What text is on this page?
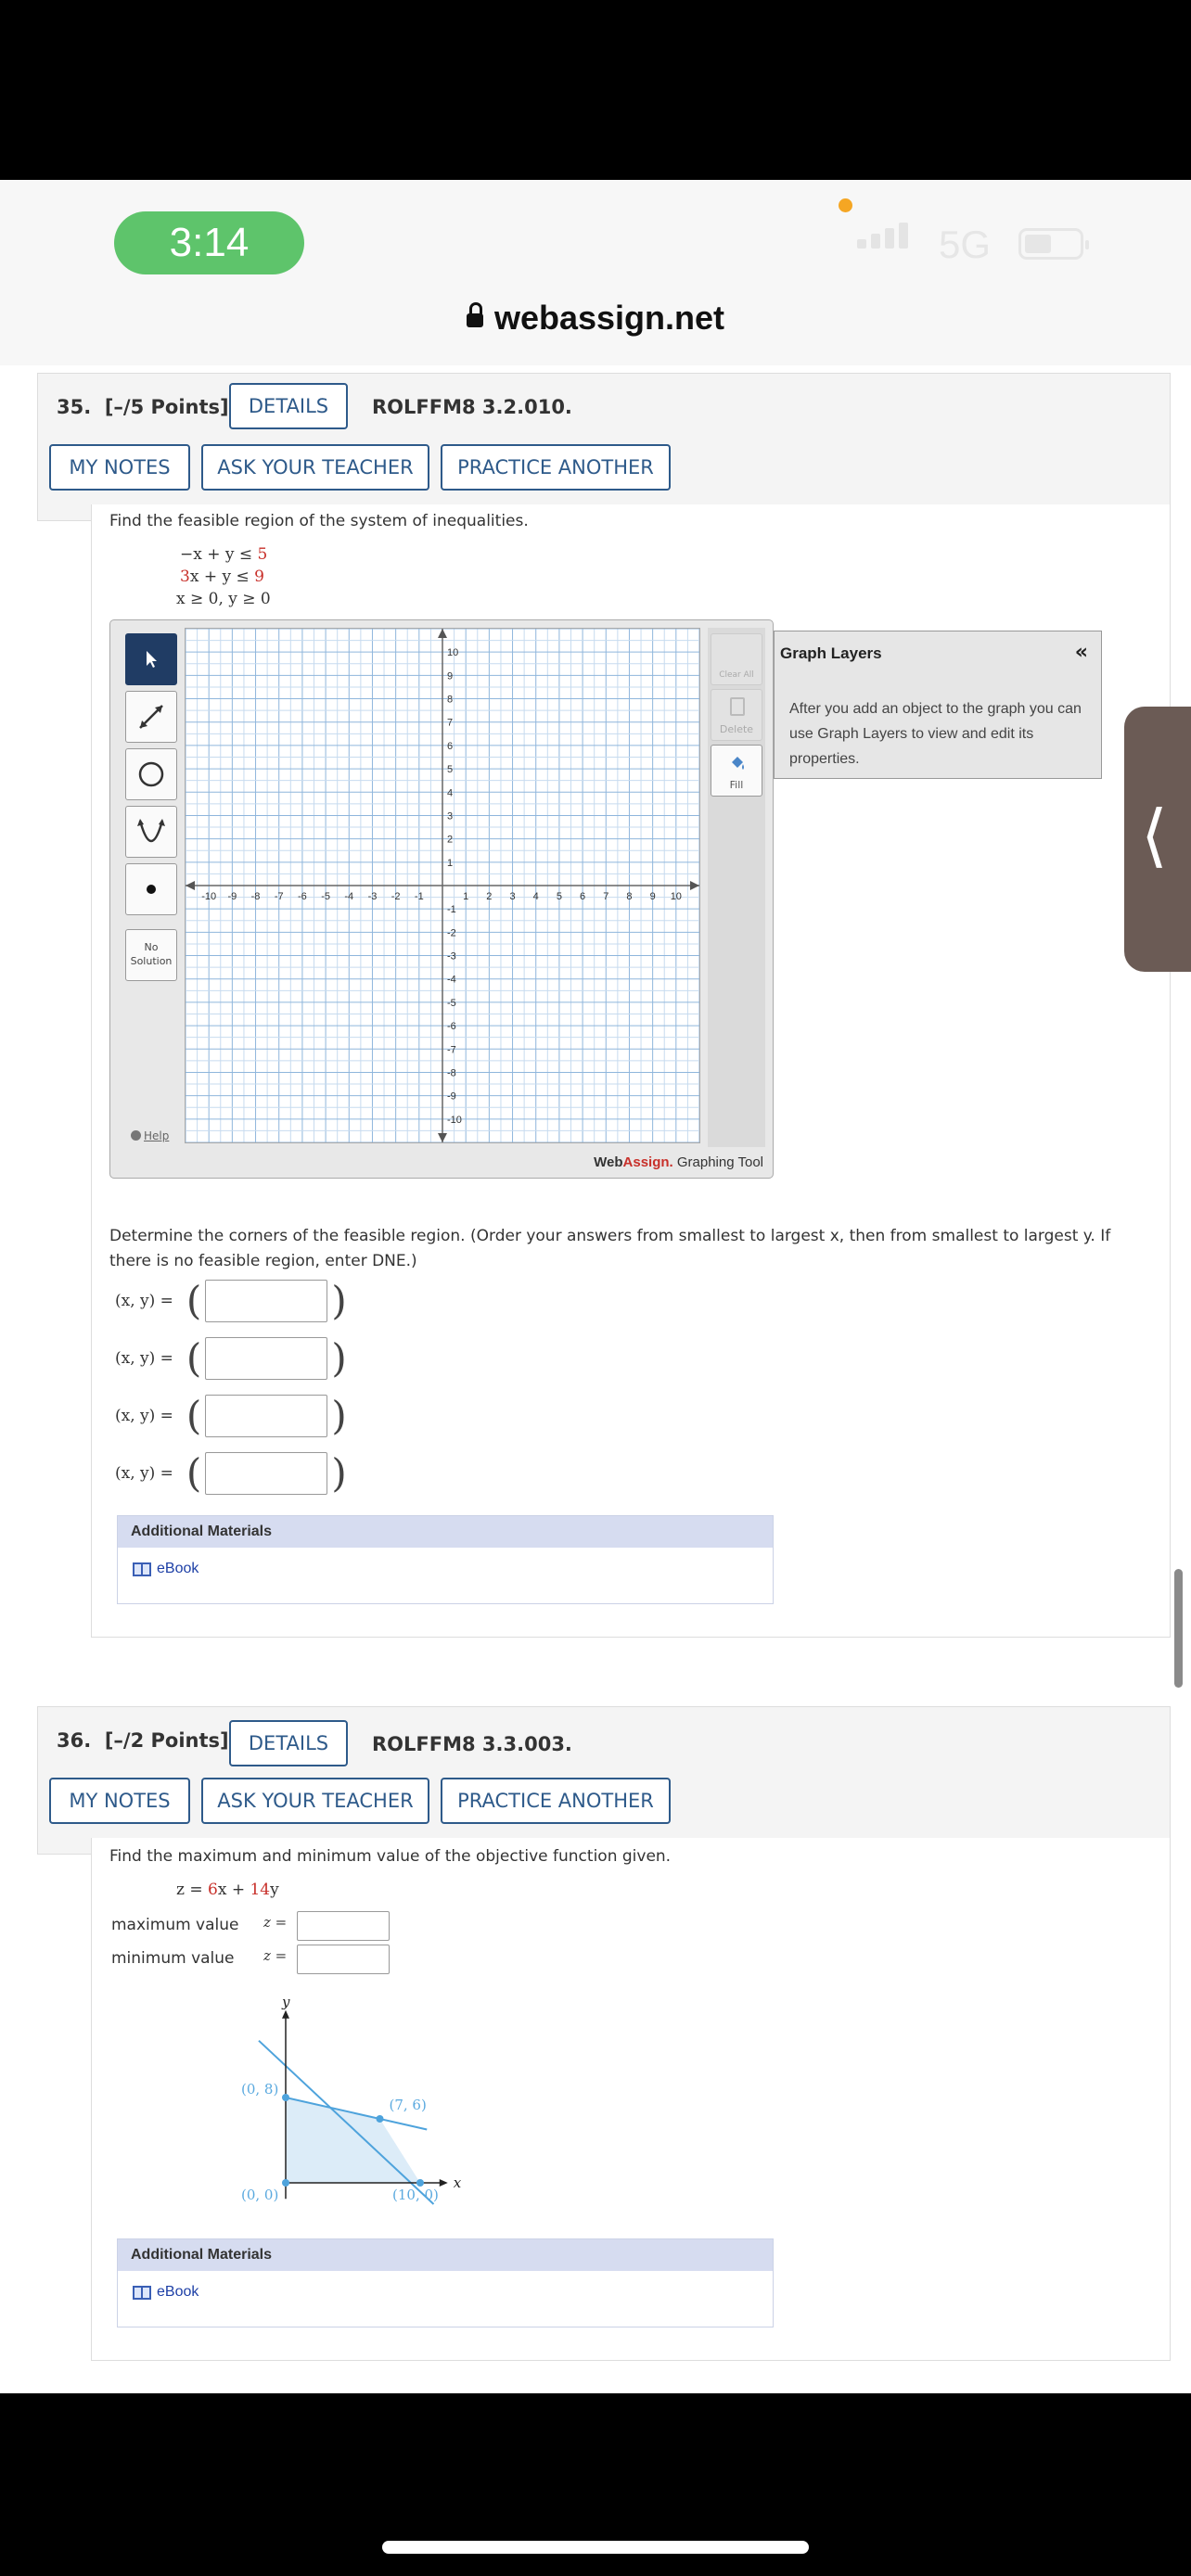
3:14	5G
webassign.net
35. [–/5 Points]	DETAILS	ROLFFM8 3.2.010.
MY NOTES	ASK YOUR TEACHER	PRACTICE ANOTHER
Find the feasible region of the system of inequalities.
−x + y ≤ 5
3x + y ≤ 9
x ≥ 0, y ≥ 0
No
Solution
Help
-10 -9 -8 -7 -6 -5 -4 -3 -2 -1	1 2 3 4 5 6 7 8 9 10
-10
-9
-8
-7
-6
-5
-4
-3
-2
-1
1
2
3
4
5
6
7
8
9
10
Clear All
Delete
Fill
WebAssign. Graphing Tool
Graph Layers	«
After you add an object to the graph you can use Graph Layers to view and edit its properties.
⟨
Determine the corners of the feasible region. (Order your answers from smallest to largest x, then from smallest to largest y. If there is no feasible region, enter DNE.)
(x, y) = (	)
(x, y) = (	)
(x, y) = (	)
(x, y) = (	)
Additional Materials
eBook
36. [–/2 Points]	DETAILS	ROLFFM8 3.3.003.
MY NOTES	ASK YOUR TEACHER	PRACTICE ANOTHER
Find the maximum and minimum value of the objective function given.
z = 6x + 14y
maximum value z =
minimum value z =
x
y
(0, 0)
(0, 8)
(7, 6)
(10, 0)
Additional Materials
eBook
